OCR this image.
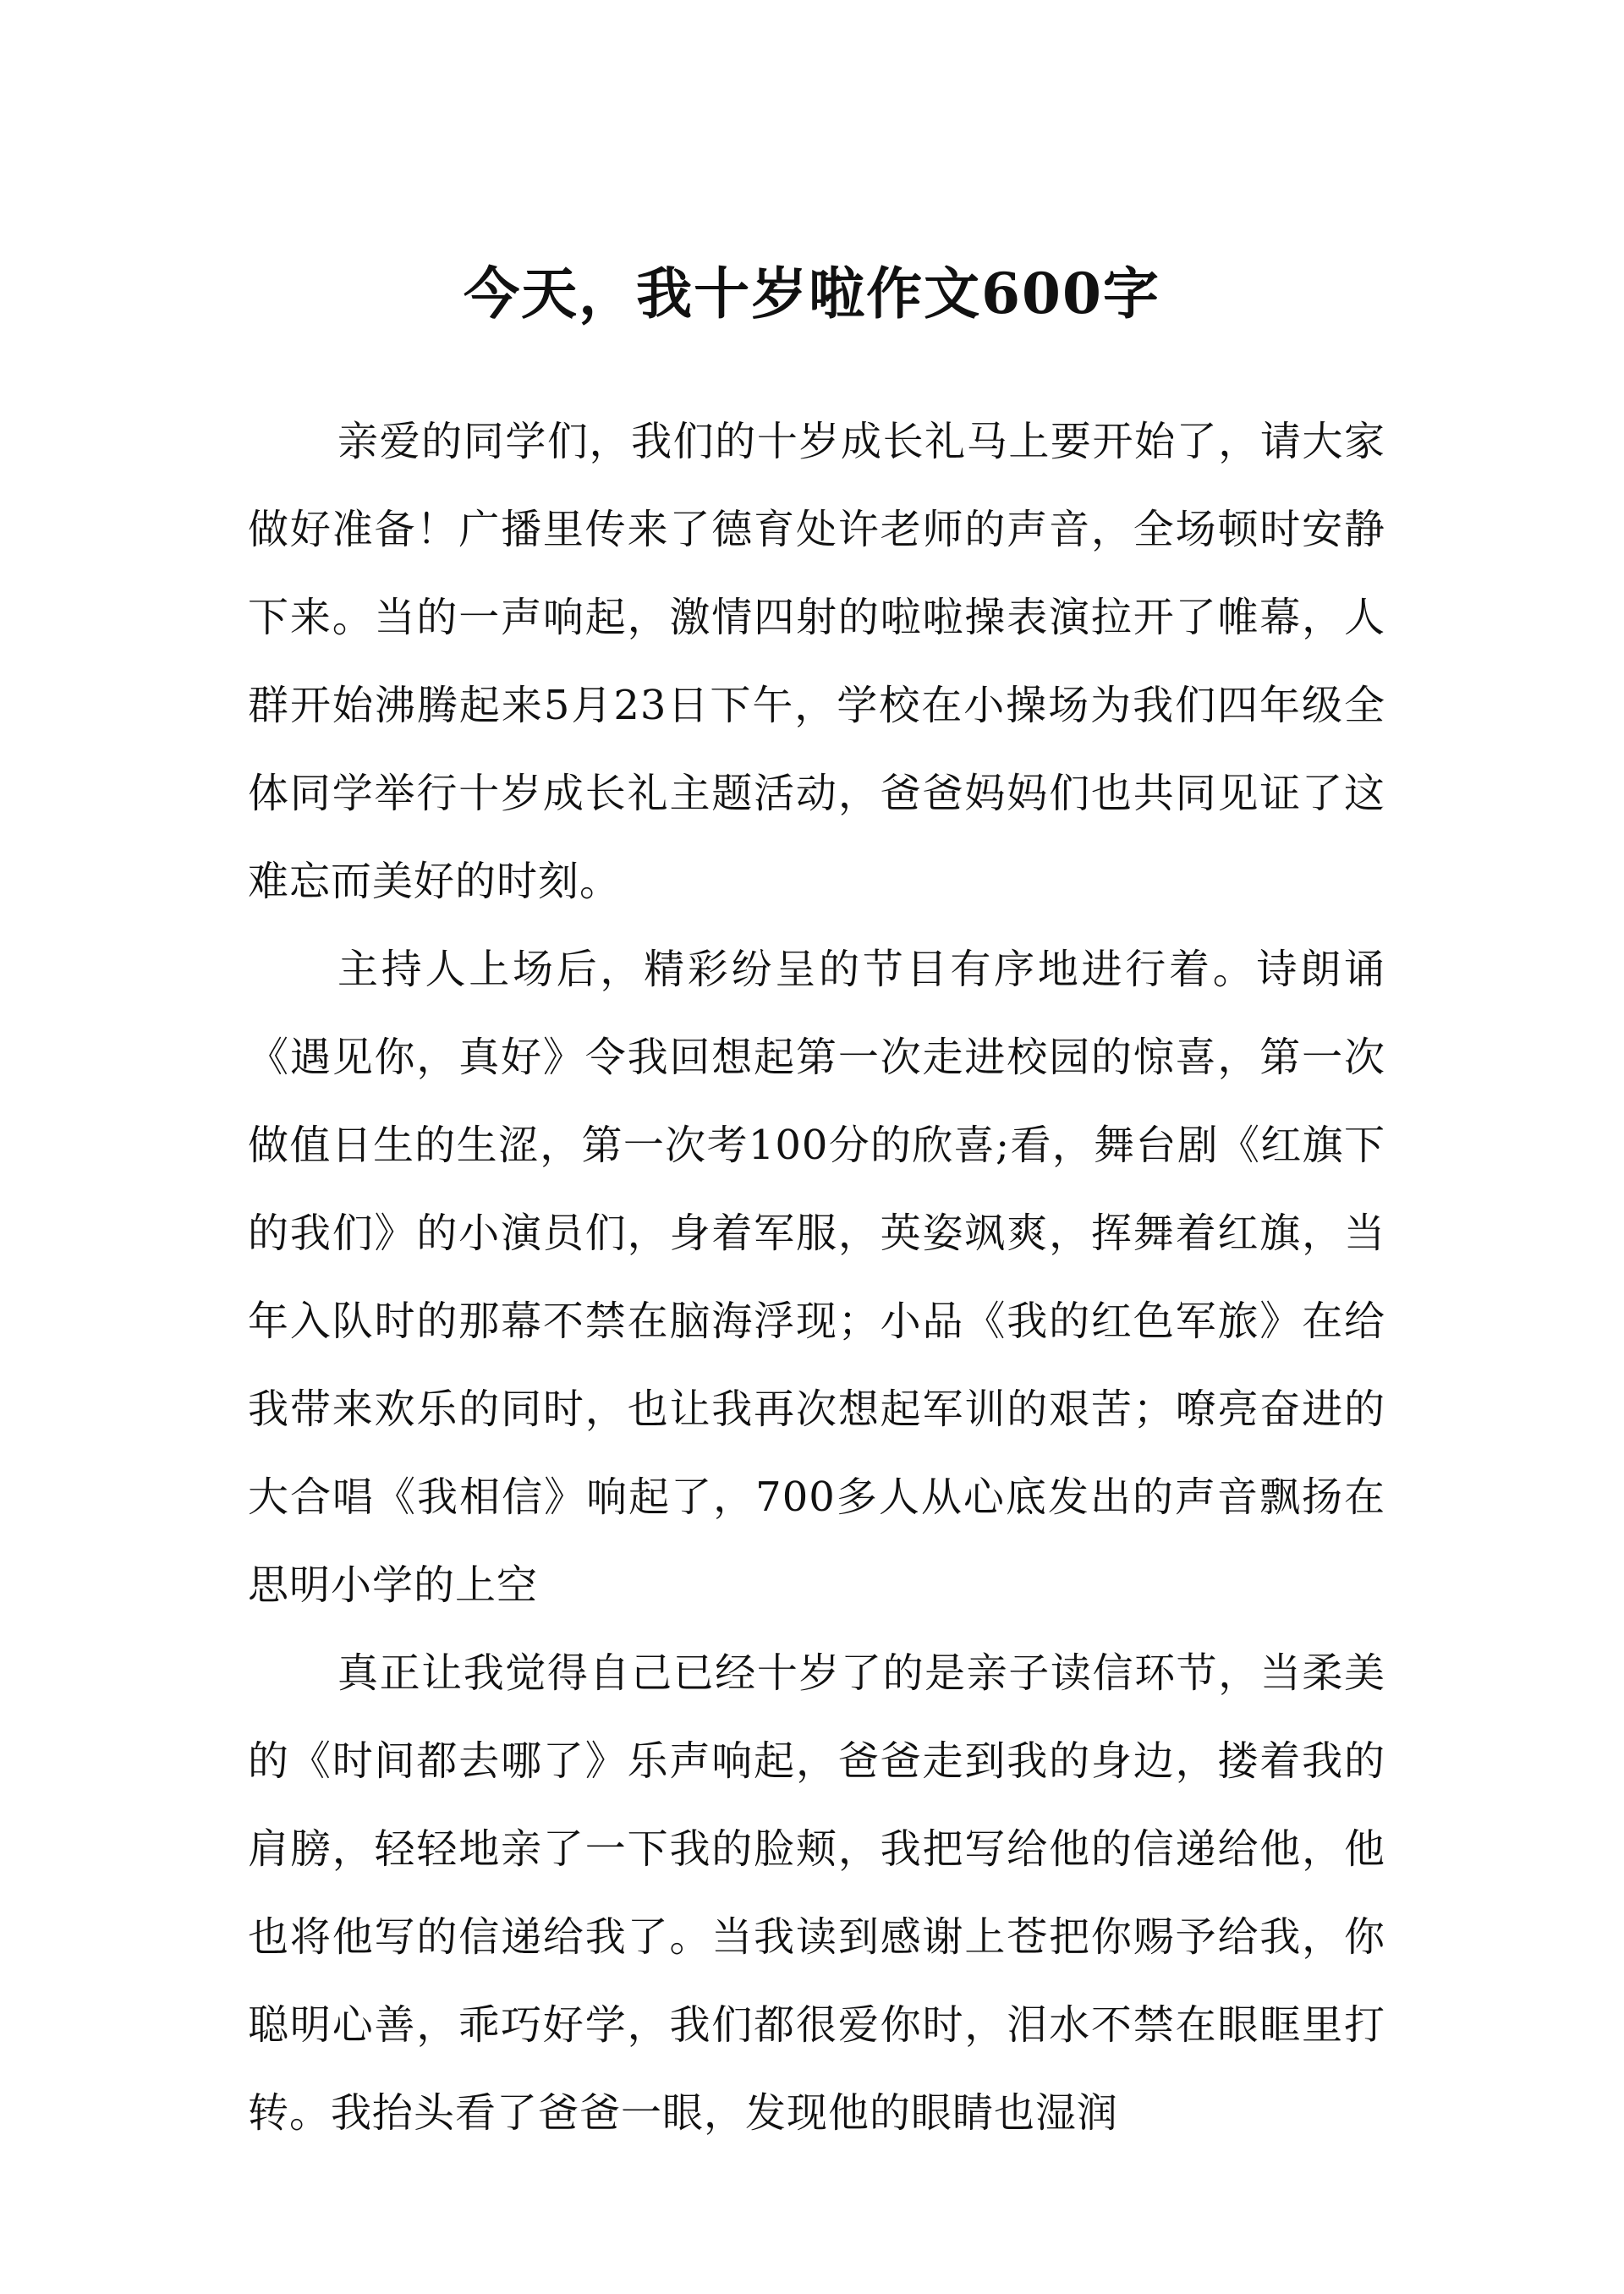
今天，我十岁啦作文600字

亲爱的同学们，我们的十岁成长礼马上要开始了，请大家做好准备！广播里传来了德育处许老师的声音，全场顿时安静下来。当的一声响起，激情四射的啦啦操表演拉开了帷幕，人群开始沸腾起来5月23日下午，学校在小操场为我们四年级全体同学举行十岁成长礼主题活动，爸爸妈妈们也共同见证了这难忘而美好的时刻。

主持人上场后，精彩纷呈的节目有序地进行着。诗朗诵《遇见你，真好》令我回想起第一次走进校园的惊喜，第一次做值日生的生涩，第一次考100分的欣喜;看，舞台剧《红旗下的我们》的小演员们，身着军服，英姿飒爽，挥舞着红旗，当年入队时的那幕不禁在脑海浮现；小品《我的红色军旅》在给我带来欢乐的同时，也让我再次想起军训的艰苦；嘹亮奋进的大合唱《我相信》响起了，700多人从心底发出的声音飘扬在思明小学的上空

真正让我觉得自己已经十岁了的是亲子读信环节，当柔美的《时间都去哪了》乐声响起，爸爸走到我的身边，搂着我的肩膀，轻轻地亲了一下我的脸颊，我把写给他的信递给他，他也将他写的信递给我了。当我读到感谢上苍把你赐予给我，你聪明心善，乖巧好学，我们都很爱你时，泪水不禁在眼眶里打转。我抬头看了爸爸一眼，发现他的眼睛也湿润
